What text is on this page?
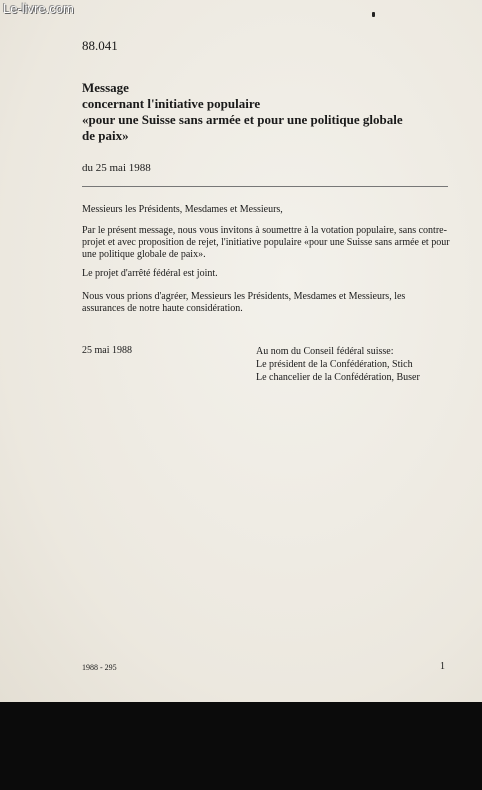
Le-livre.com
88.041
Message
concernant l'initiative populaire
«pour une Suisse sans armée et pour une politique globale
de paix»
du 25 mai 1988

Messieurs les Présidents, Mesdames et Messieurs,

Par le présent message, nous vous invitons à soumettre à la votation populaire, sans contre-projet et avec proposition de rejet, l'initiative populaire «pour une Suisse sans armée et pour une politique globale de paix».

Le projet d'arrêté fédéral est joint.

Nous vous prions d'agréer, Messieurs les Présidents, Mesdames et Messieurs, les assurances de notre haute considération.

25 mai 1988	Au nom du Conseil fédéral suisse:
Le président de la Confédération, Stich
Le chancelier de la Confédération, Buser
1988 - 295	1
